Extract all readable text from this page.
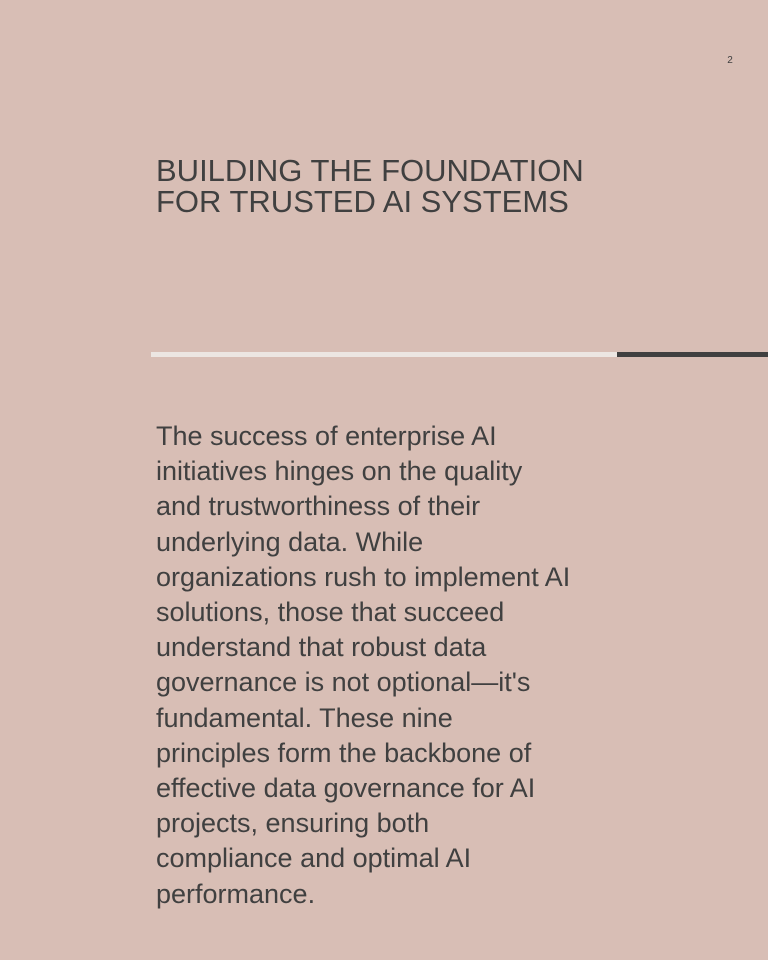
2
BUILDING THE FOUNDATION
FOR TRUSTED AI SYSTEMS

The success of enterprise AI
initiatives hinges on the quality
and trustworthiness of their
underlying data. While
organizations rush to implement AI
solutions, those that succeed
understand that robust data
governance is not optional—it's
fundamental. These nine
principles form the backbone of
effective data governance for AI
projects, ensuring both
compliance and optimal AI
performance.
